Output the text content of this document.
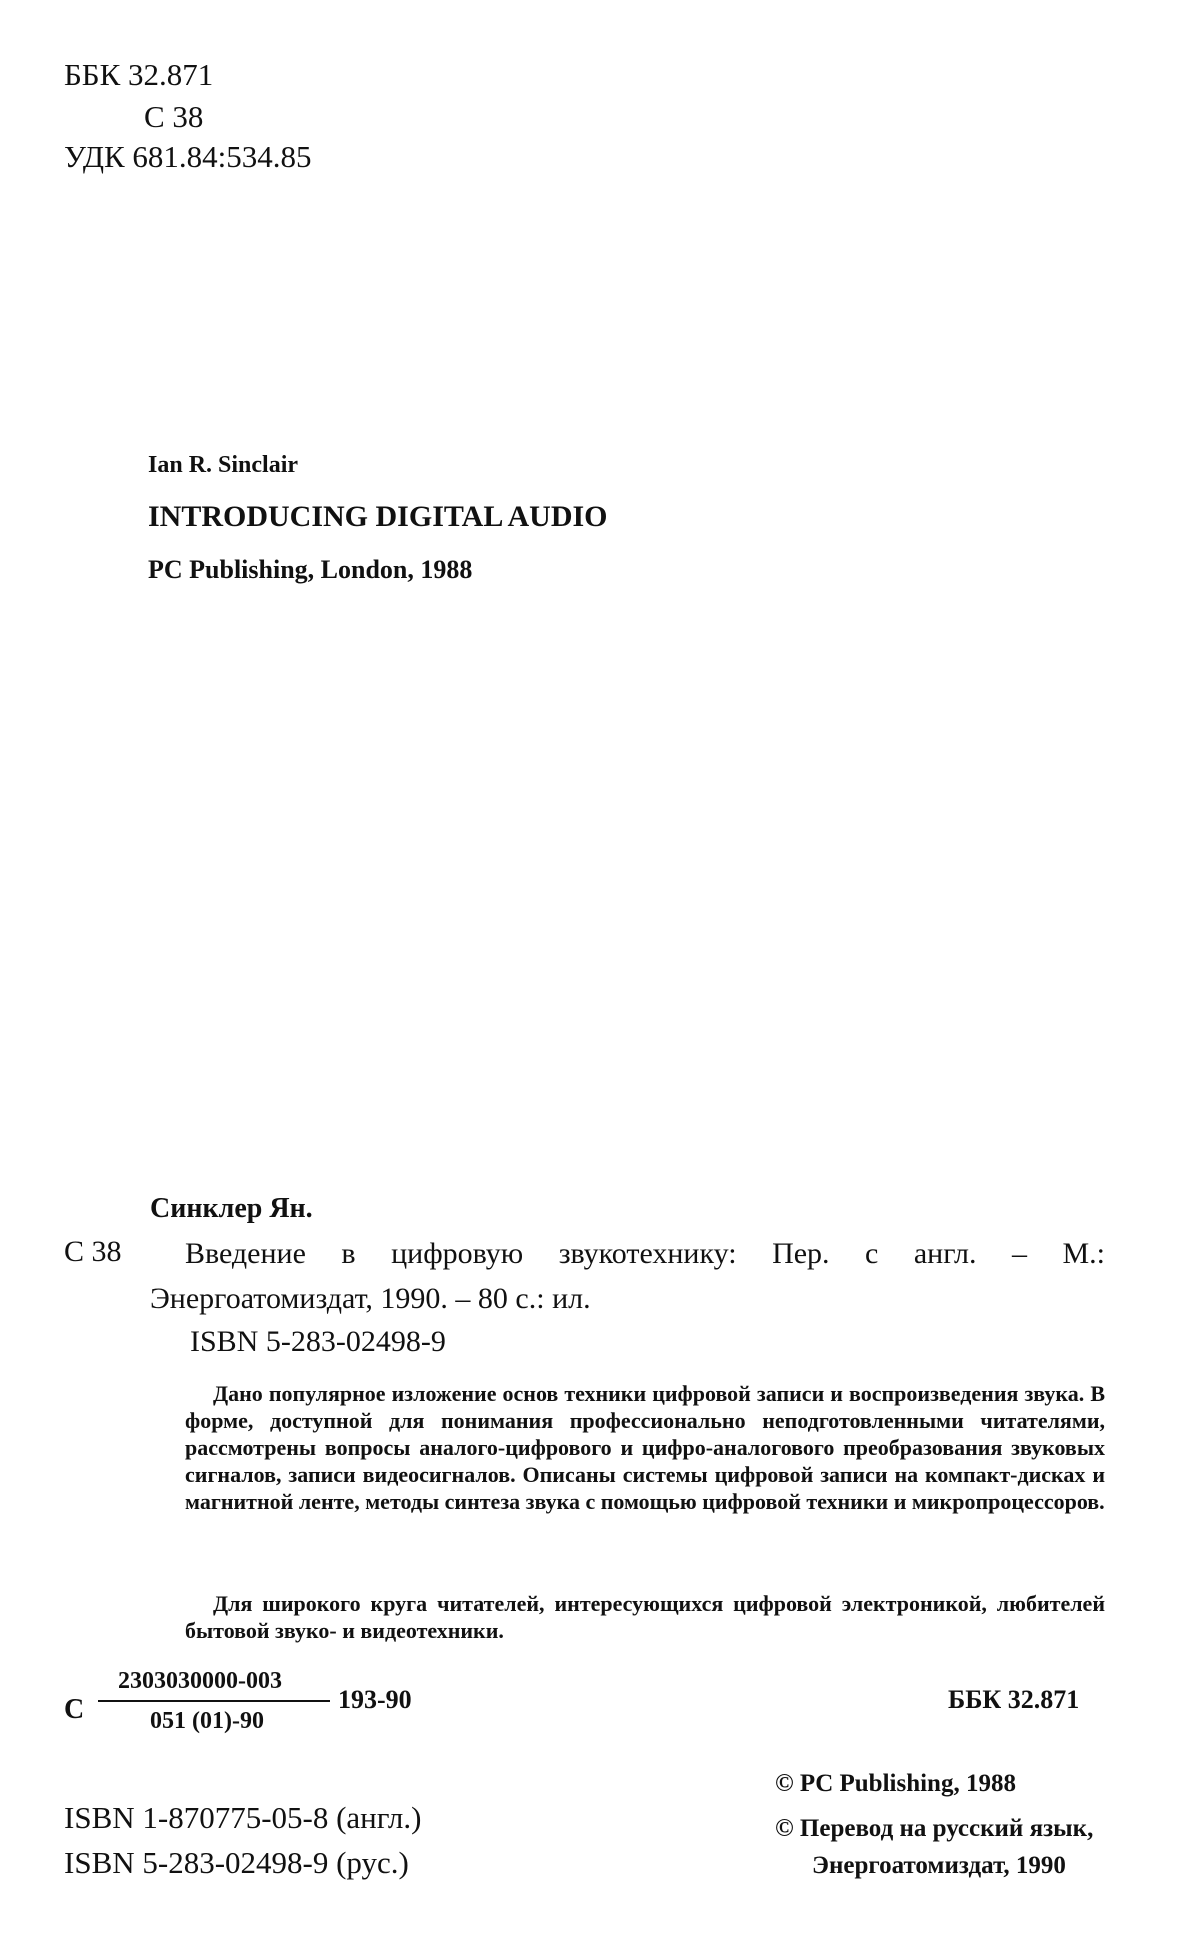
ББК 32.871
С 38
УДК 681.84:534.85
Ian R. Sinclair
INTRODUCING DIGITAL AUDIO
PC Publishing, London, 1988
Синклер Ян.
С 38 Введение в цифровую звукотехнику: Пер. с англ. – М.:
Энергоатомиздат, 1990. – 80 с.: ил.
ISBN 5-283-02498-9
Дано популярное изложение основ техники цифровой записи и воспроизведения звука. В форме, доступной для понимания профессионально неподготовленными читателями, рассмотрены вопросы аналого-цифрового и цифро-аналогового преобразования звуковых сигналов, записи видеосигналов. Описаны системы цифровой записи на компакт-дисках и магнитной ленте, методы синтеза звука с помощью цифровой техники и микропроцессоров.
Для широкого круга читателей, интересующихся цифровой электроникой, любителей бытовой звуко- и видеотехники.
С
2303030000-003
051 (01)-90
193-90	ББК 32.871
ISBN 1-870775-05-8 (англ.)
ISBN 5-283-02498-9 (рус.)
© PC Publishing, 1988
© Перевод на русский язык,
Энергоатомиздат, 1990
